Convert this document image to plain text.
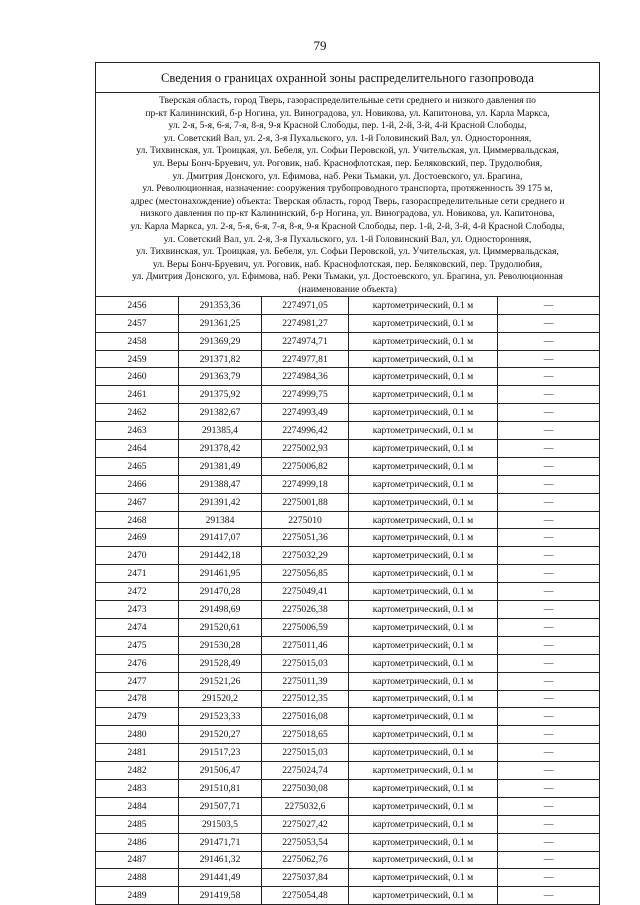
79
Сведения о границах охранной зоны распределительного газопровода
Тверская область, город Тверь, газораспределительные сети среднего и низкого давления по
пр-кт Калининский, б-р Ногина, ул. Виноградова, ул. Новикова, ул. Капитонова, ул. Карла Маркса,
ул. 2-я, 5-я, 6-я, 7-я, 8-я, 9-я Красной Слободы, пер. 1-й, 2-й, 3-й, 4-й Красной Слободы,
ул. Советский Вал, ул. 2-я, 3-я Пухальского, ул. 1-й Головинский Вал, ул. Односторонняя,
ул. Тихвинская, ул. Троицкая, ул. Бебеля, ул. Софьи Перовской, ул. Учительская, ул. Циммервальдская,
ул. Веры Бонч-Бруевич, ул. Роговик, наб. Краснофлотская, пер. Беляковский, пер. Трудолюбия,
ул. Дмитрия Донского, ул. Ефимова, наб. Реки Тьмаки, ул. Достоевского, ул. Брагина,
ул. Революционная, назначение: сооружения трубопроводного транспорта, протяженность 39 175 м,
адрес (местонахождение) объекта: Тверская область, город Тверь, газораспределительные сети среднего и
низкого давления по пр-кт Калининский, б-р Ногина, ул. Виноградова, ул. Новикова, ул. Капитонова,
ул. Карла Маркса, ул. 2-я, 5-я, 6-я, 7-я, 8-я, 9-я Красной Слободы, пер. 1-й, 2-й, 3-й, 4-й Красной Слободы,
ул. Советский Вал, ул. 2-я, 3-я Пухальского, ул. 1-й Головинский Вал, ул. Односторонняя,
ул. Тихвинская, ул. Троицкая, ул. Бебеля, ул. Софьи Перовской, ул. Учительская, ул. Циммервальдская,
ул. Веры Бонч-Бруевич, ул. Роговик, наб. Краснофлотская, пер. Беляковский, пер. Трудолюбия,
ул. Дмитрия Донского, ул. Ефимова, наб. Реки Тьмаки, ул. Достоевского, ул. Брагина, ул. Революционная
(наименование объекта)
2456	291353,36	2274971,05	картометрический, 0.1 м	—
2457	291361,25	2274981,27	картометрический, 0.1 м	—
2458	291369,29	2274974,71	картометрический, 0.1 м	—
2459	291371,82	2274977,81	картометрический, 0.1 м	—
2460	291363,79	2274984,36	картометрический, 0.1 м	—
2461	291375,92	2274999,75	картометрический, 0.1 м	—
2462	291382,67	2274993,49	картометрический, 0.1 м	—
2463	291385,4	2274996,42	картометрический, 0.1 м	—
2464	291378,42	2275002,93	картометрический, 0.1 м	—
2465	291381,49	2275006,82	картометрический, 0.1 м	—
2466	291388,47	2274999,18	картометрический, 0.1 м	—
2467	291391,42	2275001,88	картометрический, 0.1 м	—
2468	291384	2275010	картометрический, 0.1 м	—
2469	291417,07	2275051,36	картометрический, 0.1 м	—
2470	291442,18	2275032,29	картометрический, 0.1 м	—
2471	291461,95	2275056,85	картометрический, 0.1 м	—
2472	291470,28	2275049,41	картометрический, 0.1 м	—
2473	291498,69	2275026,38	картометрический, 0.1 м	—
2474	291520,61	2275006,59	картометрический, 0.1 м	—
2475	291530,28	2275011,46	картометрический, 0.1 м	—
2476	291528,49	2275015,03	картометрический, 0.1 м	—
2477	291521,26	2275011,39	картометрический, 0.1 м	—
2478	291520,2	2275012,35	картометрический, 0.1 м	—
2479	291523,33	2275016,08	картометрический, 0.1 м	—
2480	291520,27	2275018,65	картометрический, 0.1 м	—
2481	291517,23	2275015,03	картометрический, 0.1 м	—
2482	291506,47	2275024,74	картометрический, 0.1 м	—
2483	291510,81	2275030,08	картометрический, 0.1 м	—
2484	291507,71	2275032,6	картометрический, 0.1 м	—
2485	291503,5	2275027,42	картометрический, 0.1 м	—
2486	291471,71	2275053,54	картометрический, 0.1 м	—
2487	291461,32	2275062,76	картометрический, 0.1 м	—
2488	291441,49	2275037,84	картометрический, 0.1 м	—
2489	291419,58	2275054,48	картометрический, 0.1 м	—
